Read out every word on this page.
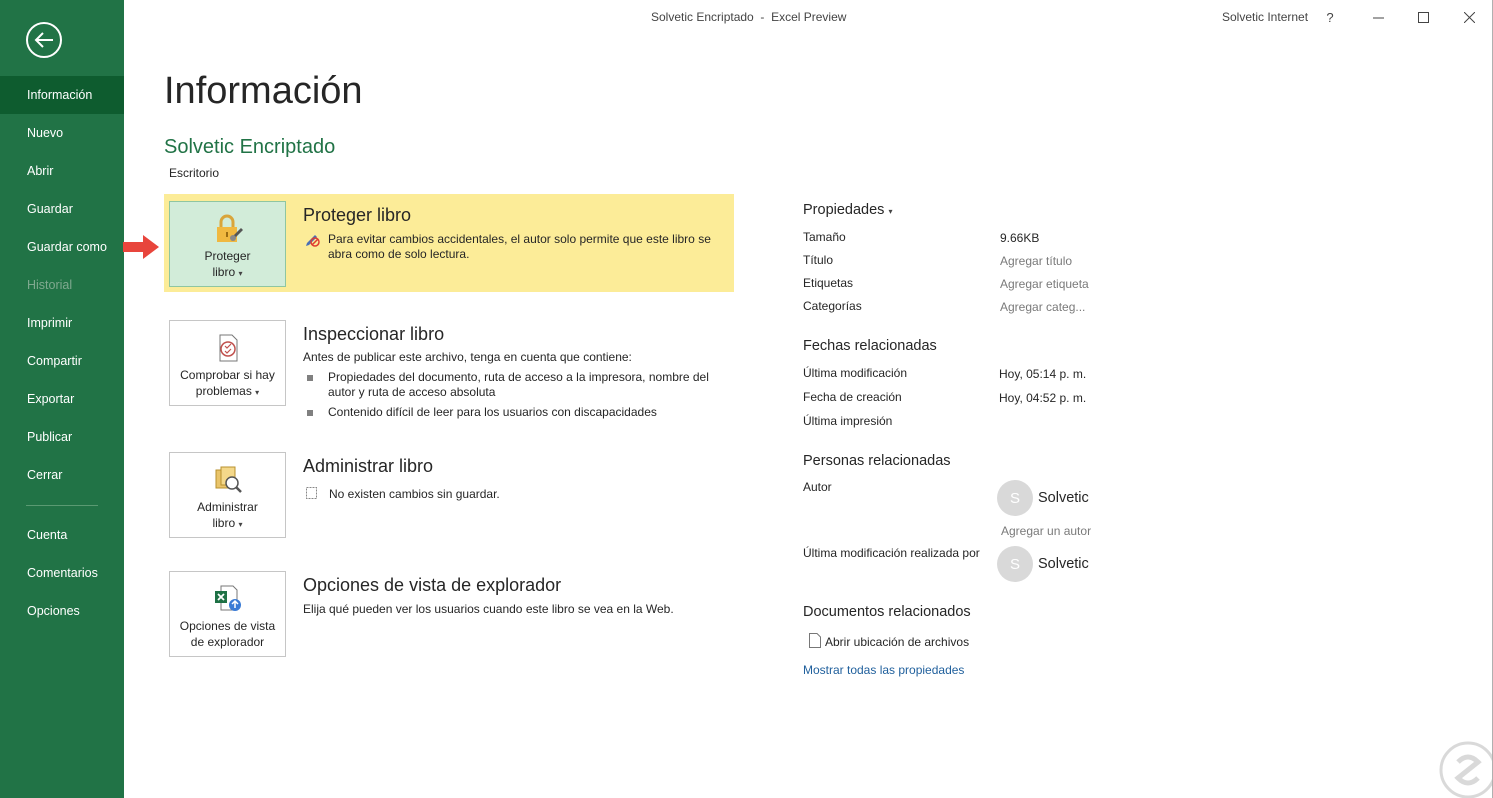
Información
Nuevo
Abrir
Guardar
Guardar como
Historial
Imprimir
Compartir
Exportar
Publicar
Cerrar
Cuenta
Comentarios
Opciones
Solvetic Encriptado - Excel Preview	Solvetic Internet ?
Información
Solvetic Encriptado
Escritorio
Proteger
libro ▾
Proteger libro
Para evitar cambios accidentales, el autor solo permite que este libro se
abra como de solo lectura.
Comprobar si hay
problemas ▾
Inspeccionar libro
Antes de publicar este archivo, tenga en cuenta que contiene:
Propiedades del documento, ruta de acceso a la impresora, nombre del
autor y ruta de acceso absoluta
Contenido difícil de leer para los usuarios con discapacidades
Administrar
libro ▾
Administrar libro
No existen cambios sin guardar.
Opciones de vista
de explorador
Opciones de vista de explorador
Elija qué pueden ver los usuarios cuando este libro se vea en la Web.
Propiedades ▾
Tamaño	9.66KB
Título	Agregar título
Etiquetas	Agregar etiqueta
Categorías	Agregar categ...
Fechas relacionadas
Última modificación	Hoy, 05:14 p. m.
Fecha de creación	Hoy, 04:52 p. m.
Última impresión
Personas relacionadas
Autor
S	Solvetic
Agregar un autor
Última modificación realizada por
S	Solvetic
Documentos relacionados
Abrir ubicación de archivos
Mostrar todas las propiedades
